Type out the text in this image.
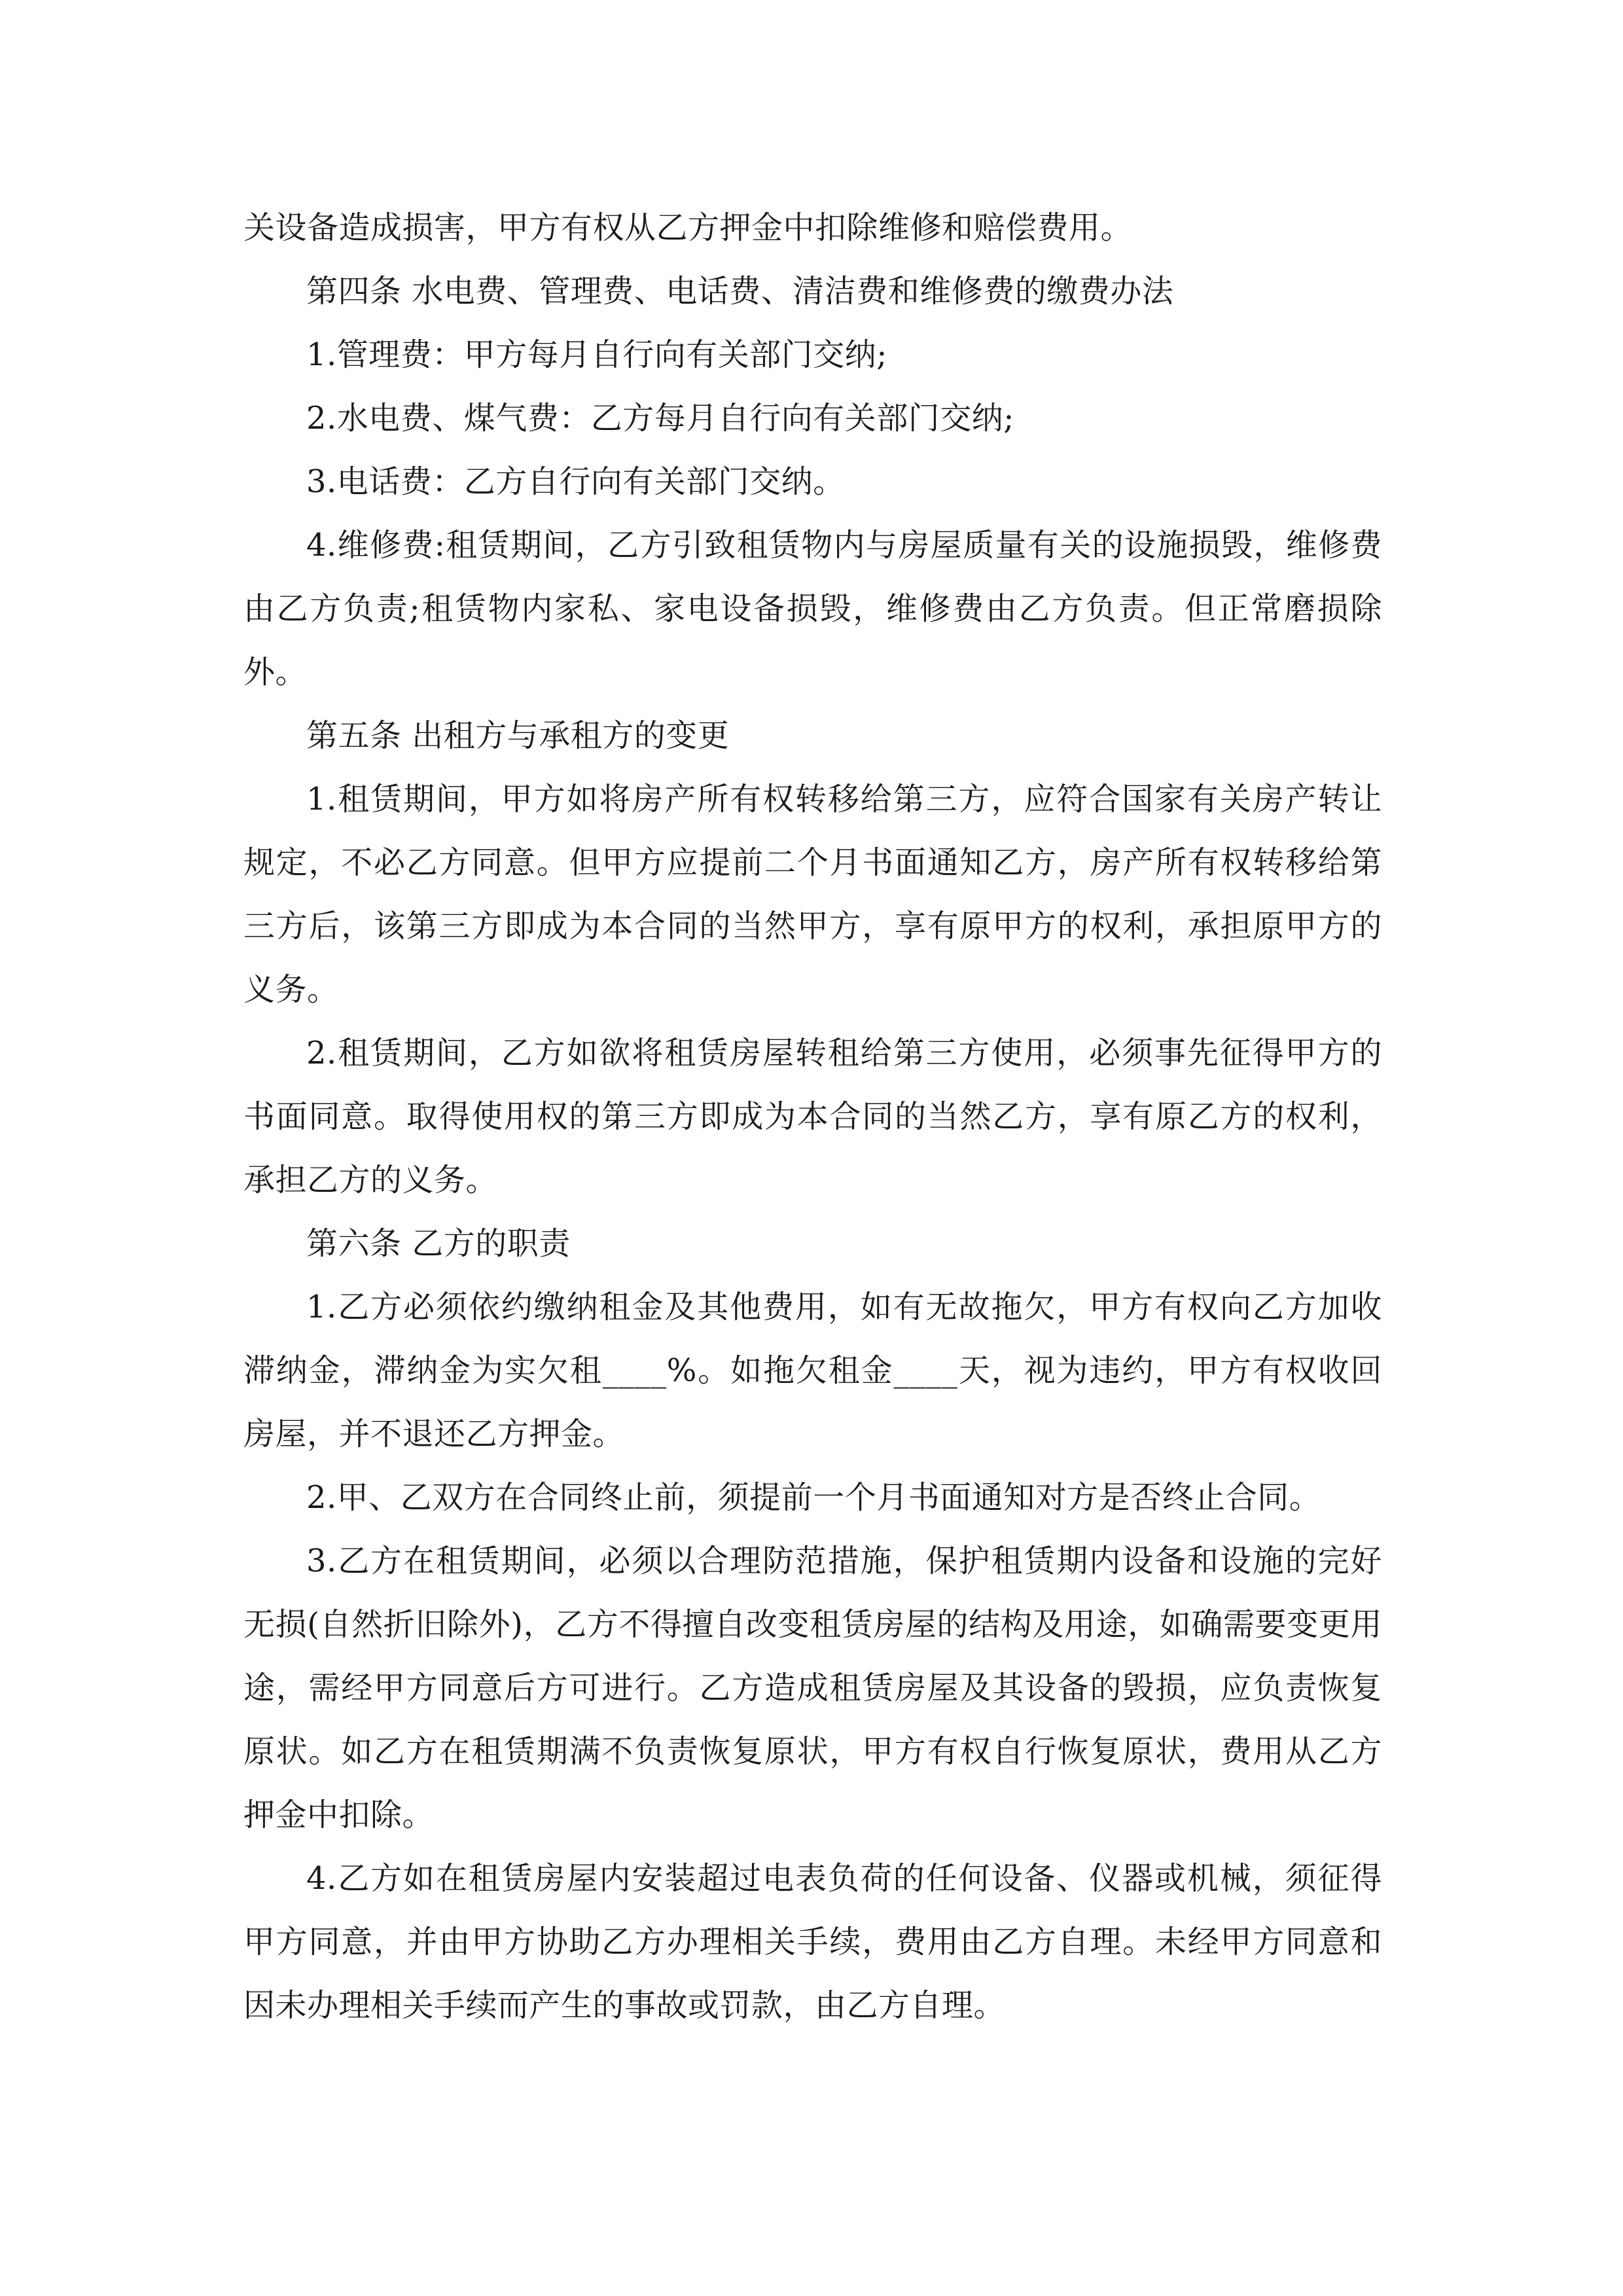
关设备造成损害，甲方有权从乙方押金中扣除维修和赔偿费用。

第四条 水电费、管理费、电话费、清洁费和维修费的缴费办法

1.管理费：甲方每月自行向有关部门交纳;

2.水电费、煤气费：乙方每月自行向有关部门交纳;

3.电话费：乙方自行向有关部门交纳。

4.维修费:租赁期间，乙方引致租赁物内与房屋质量有关的设施损毁，维修费由乙方负责;租赁物内家私、家电设备损毁，维修费由乙方负责。但正常磨损除外。

第五条 出租方与承租方的变更

1.租赁期间，甲方如将房产所有权转移给第三方，应符合国家有关房产转让规定，不必乙方同意。但甲方应提前二个月书面通知乙方，房产所有权转移给第三方后，该第三方即成为本合同的当然甲方，享有原甲方的权利，承担原甲方的义务。

2.租赁期间，乙方如欲将租赁房屋转租给第三方使用，必须事先征得甲方的书面同意。取得使用权的第三方即成为本合同的当然乙方，享有原乙方的权利，承担乙方的义务。

第六条 乙方的职责

1.乙方必须依约缴纳租金及其他费用，如有无故拖欠，甲方有权向乙方加收滞纳金，滞纳金为实欠租____%。如拖欠租金____天，视为违约，甲方有权收回房屋，并不退还乙方押金。

2.甲、乙双方在合同终止前，须提前一个月书面通知对方是否终止合同。

3.乙方在租赁期间，必须以合理防范措施，保护租赁期内设备和设施的完好无损(自然折旧除外)，乙方不得擅自改变租赁房屋的结构及用途，如确需要变更用途，需经甲方同意后方可进行。乙方造成租赁房屋及其设备的毁损，应负责恢复原状。如乙方在租赁期满不负责恢复原状，甲方有权自行恢复原状，费用从乙方押金中扣除。

4.乙方如在租赁房屋内安装超过电表负荷的任何设备、仪器或机械，须征得甲方同意，并由甲方协助乙方办理相关手续，费用由乙方自理。未经甲方同意和因未办理相关手续而产生的事故或罚款，由乙方自理。
